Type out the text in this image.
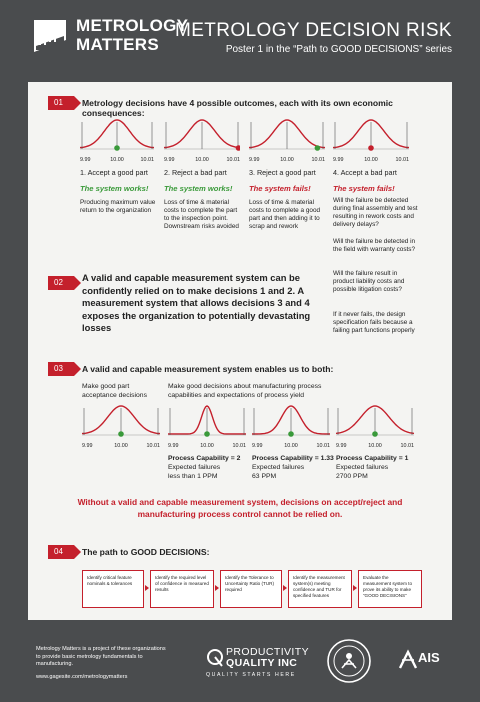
METROLOGY MATTERS
METROLOGY DECISION RISK
Poster 1 in the “Path to GOOD DECISIONS” series
01	Metrology decisions have 4 possible outcomes, each with its own economic consequences:
9.99	10.00	10.01 9.99	10.00	10.01 9.99	10.00	10.01 9.99	10.00	10.01
1. Accept a good part 2. Reject a bad part	3. Reject a good part 4. Accept a bad part
The system works! The system works! The system fails!	The system fails!
Producing maximum value return to the organization
Loss of time & material costs to complete the part to the inspection point. Downstream risks avoided
Loss of time & material costs to complete a good part and then adding it to scrap and rework
Will the failure be detected during final assembly and test resulting in rework costs and delivery delays?
Will the failure be detected in the field with warranty costs?
Will the failure result in product liability costs and possible litigation costs?
If it never fails, the design specification fails because a failing part functions properly
02	A valid and capable measurement system can be confidently relied on to make decisions 1 and 2. A measurement system that allows decisions 3 and 4 exposes the organization to potentially devastating losses
03	A valid and capable measurement system enables us to both:
Make good part acceptance decisions
Make good decisions about manufacturing process capabilities and expectations of process yield
9.99	10.00	10.01 9.99	10.00	10.01 9.99	10.00	10.01 9.99	10.00	10.01
Process Capability = 2
Expected failures
less than 1 PPM
Process Capability = 1.33
Expected failures
63 PPM
Process Capability = 1
Expected failures
2700 PPM
Without a valid and capable measurement system, decisions on accept/reject and manufacturing process control cannot be relied on.
04	The path to GOOD DECISIONS:
Identify critical feature nominals & tolerances
Identify the required level of confidence in measured results
Identify the Tolerance to Uncertainty Ratio (TUR) required
Identify the measurement system(s) meeting confidence and TUR for specified features
Evaluate the measurement system to prove its ability to make “GOOD DECISIONS”
Metrology Matters is a project of these organizations to provide basic metrology fundamentals to manufacturing.
www.gagesite.com/metrologymatters
PRODUCTIVITY
QUALITY INC
QUALITY STARTS HERE
AIS
